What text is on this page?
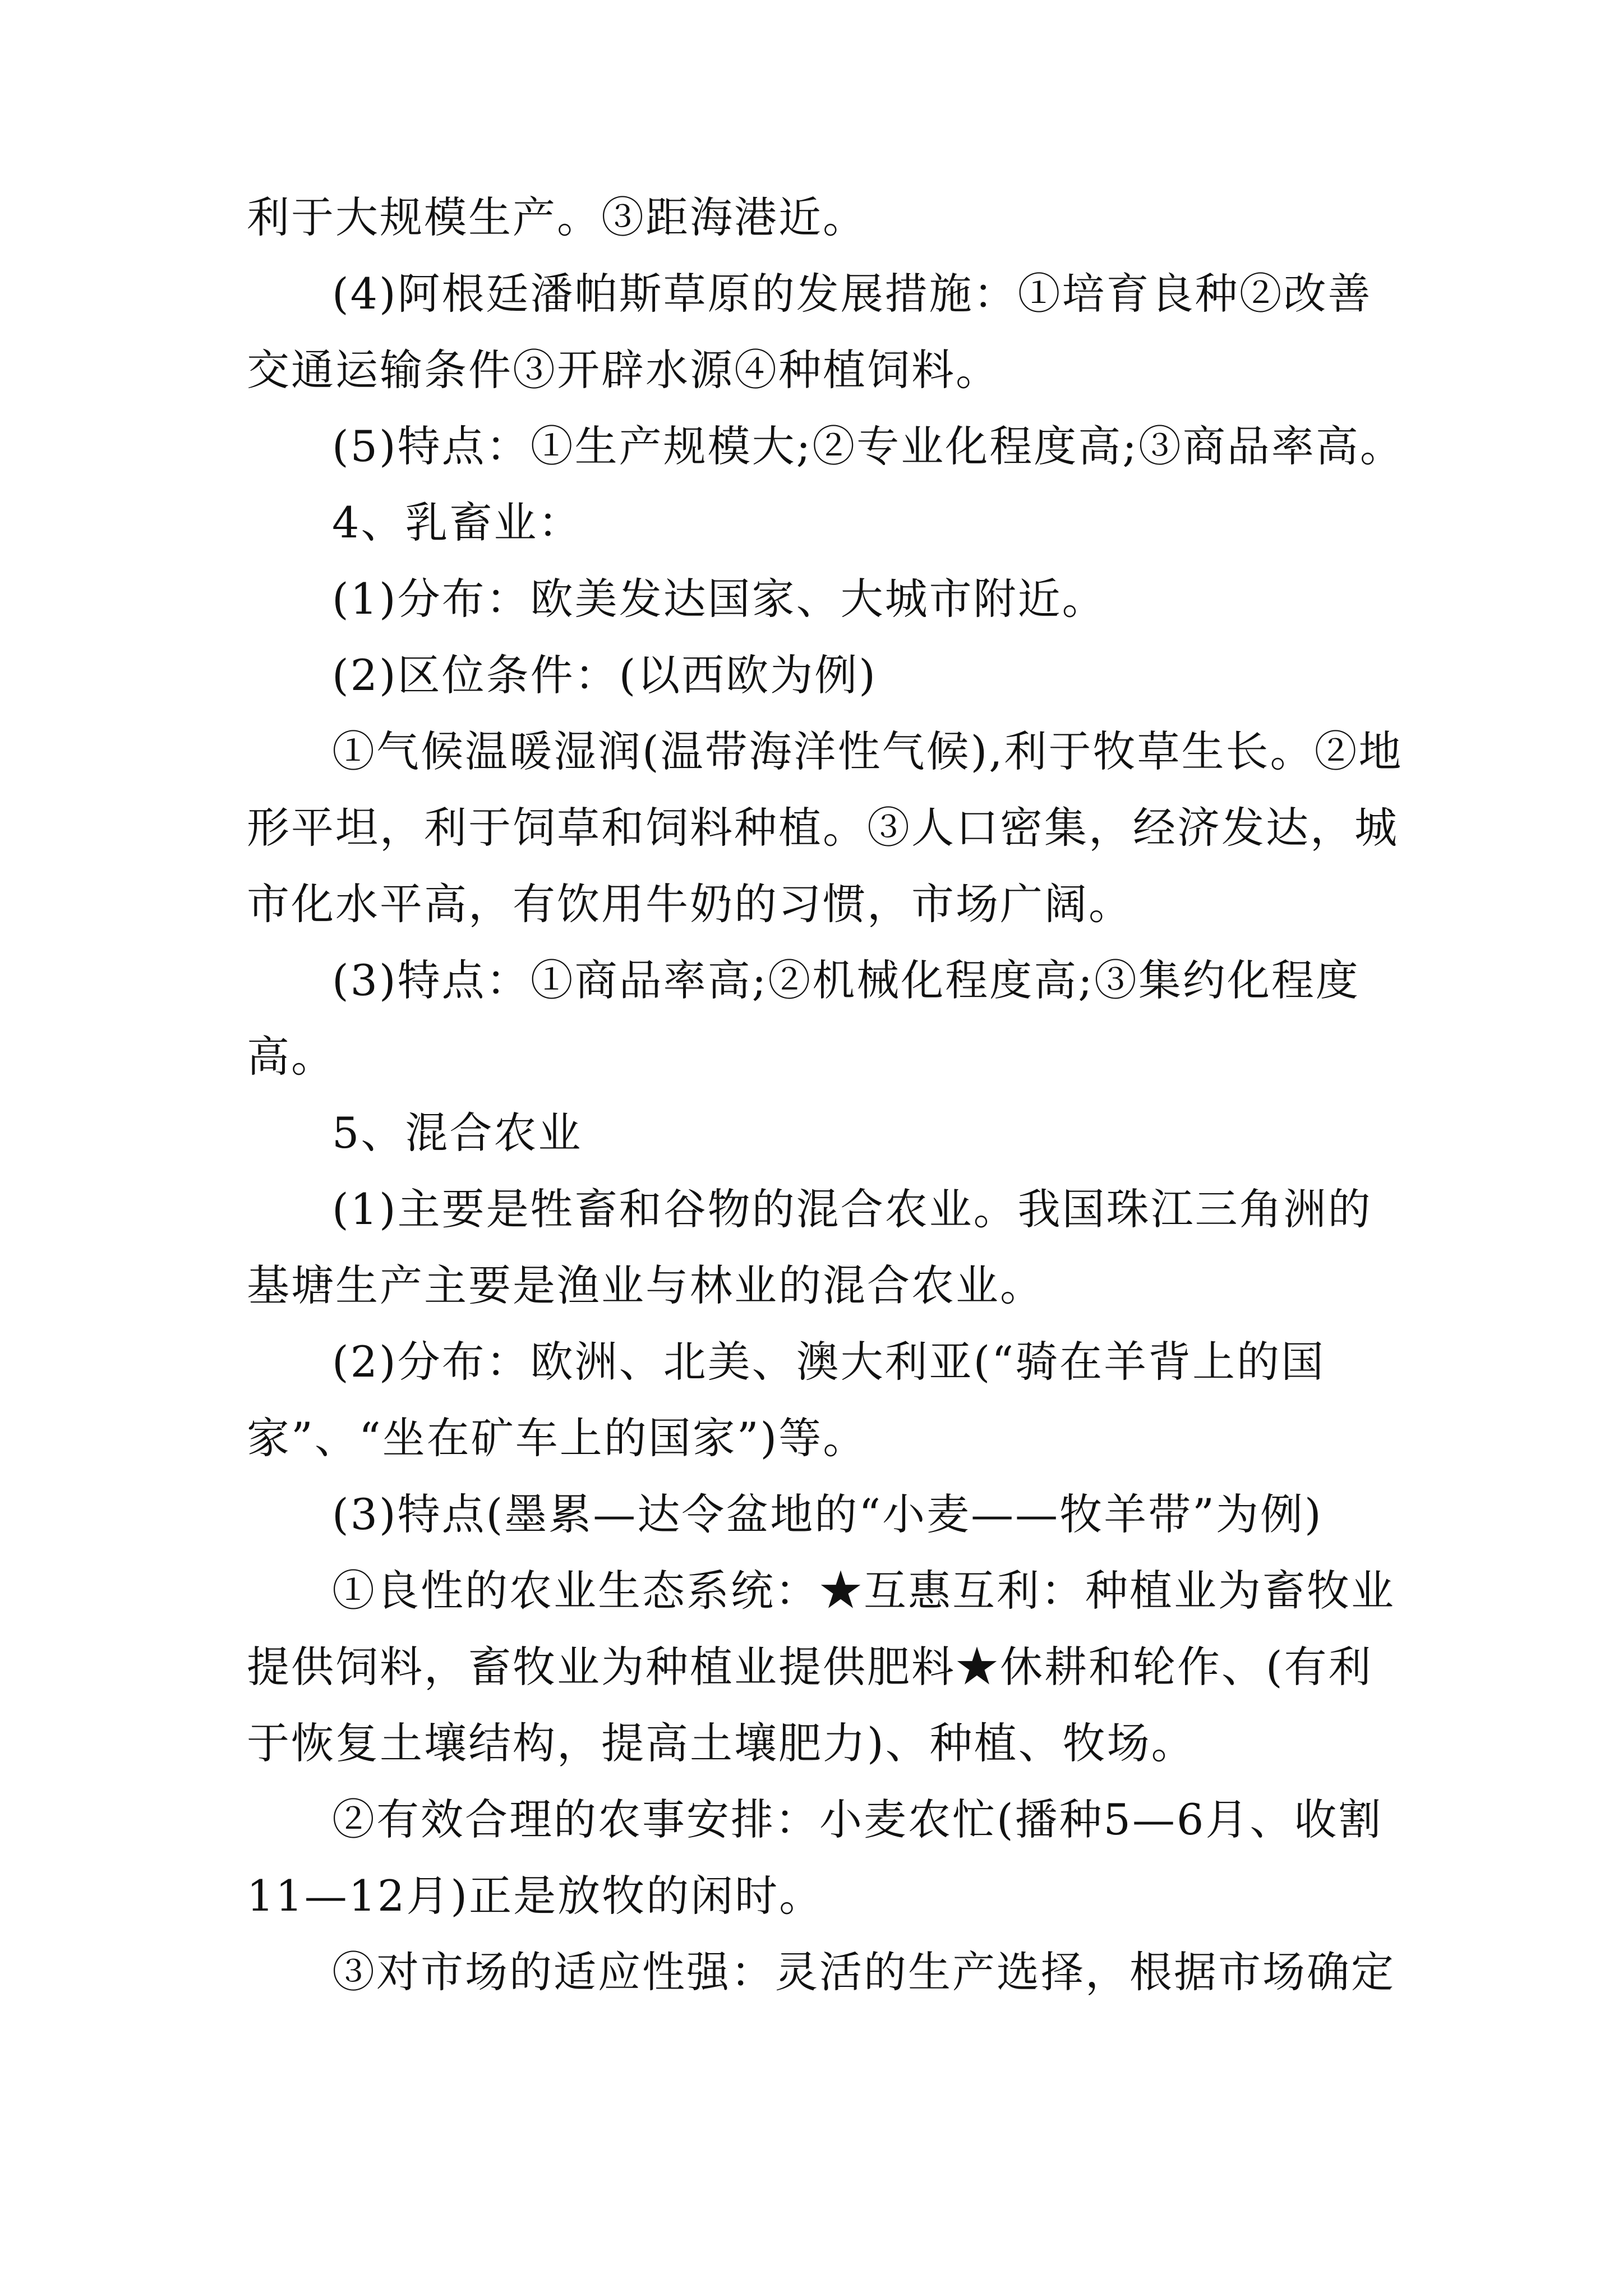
利于大规模生产。③距海港近。
(4)阿根廷潘帕斯草原的发展措施：①培育良种②改善
交通运输条件③开辟水源④种植饲料。
(5)特点：①生产规模大;②专业化程度高;③商品率高。
4、乳畜业：
(1)分布：欧美发达国家、大城市附近。
(2)区位条件：(以西欧为例)
①气候温暖湿润(温带海洋性气候),利于牧草生长。②地
形平坦，利于饲草和饲料种植。③人口密集，经济发达，城
市化水平高，有饮用牛奶的习惯，市场广阔。
(3)特点：①商品率高;②机械化程度高;③集约化程度
高。
5、混合农业
(1)主要是牲畜和谷物的混合农业。我国珠江三角洲的
基塘生产主要是渔业与林业的混合农业。
(2)分布：欧洲、北美、澳大利亚(“骑在羊背上的国
家”、“坐在矿车上的国家”)等。
(3)特点(墨累—达令盆地的“小麦——牧羊带”为例)
①良性的农业生态系统：★互惠互利：种植业为畜牧业
提供饲料，畜牧业为种植业提供肥料★休耕和轮作、(有利
于恢复土壤结构，提高土壤肥力)、种植、牧场。
②有效合理的农事安排：小麦农忙(播种5—6月、收割
11—12月)正是放牧的闲时。
③对市场的适应性强：灵活的生产选择，根据市场确定
